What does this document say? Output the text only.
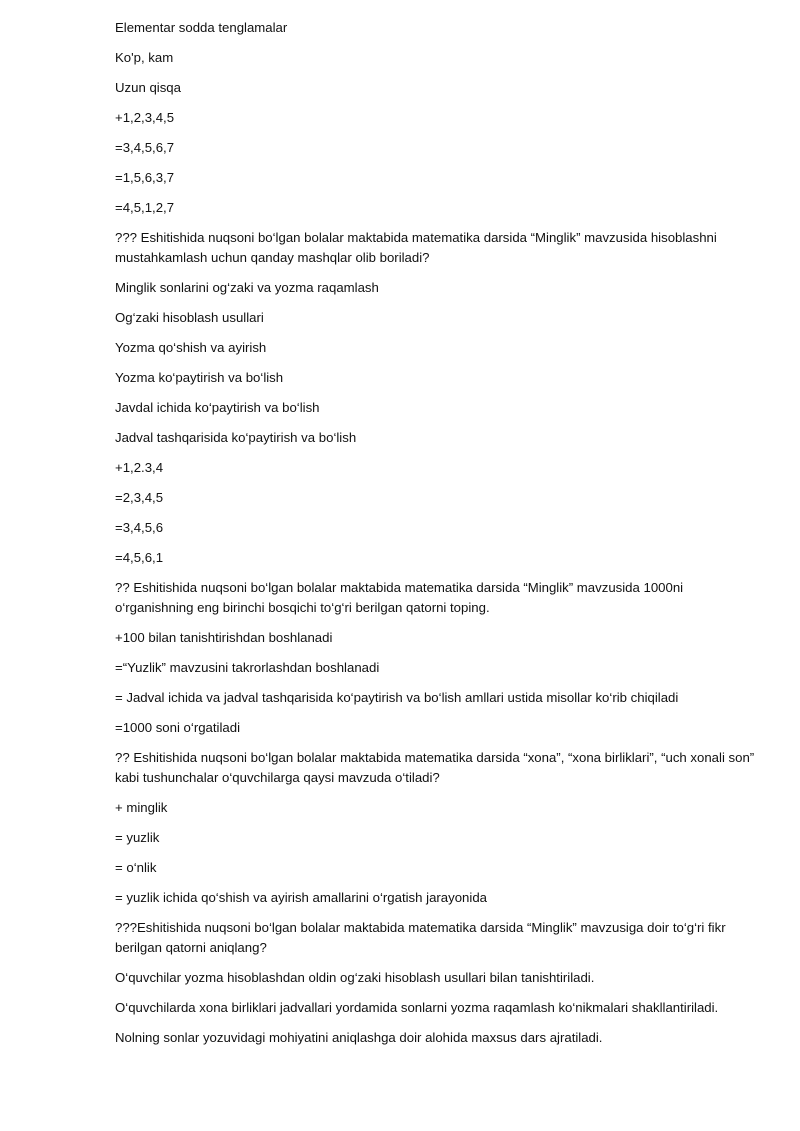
Elementar sodda tenglamalar

Ko'p, kam

Uzun qisqa

+1,2,3,4,5

=3,4,5,6,7

=1,5,6,3,7

=4,5,1,2,7

??? Eshitishida nuqsoni bo‘lgan bolalar maktabida matematika darsida “Minglik” mavzusida hisoblashni mustahkamlash uchun qanday mashqlar olib boriladi?

Minglik sonlarini og‘zaki va yozma raqamlash

Og‘zaki hisoblash usullari

Yozma qo‘shish va ayirish

Yozma ko‘paytirish va bo‘lish

Javdal ichida ko‘paytirish va bo‘lish

Jadval tashqarisida ko‘paytirish va bo‘lish

+1,2.3,4

=2,3,4,5

=3,4,5,6

=4,5,6,1

?? Eshitishida nuqsoni bo‘lgan bolalar maktabida matematika darsida “Minglik” mavzusida 1000ni o‘rganishning eng birinchi bosqichi to‘g‘ri berilgan qatorni toping.

+100 bilan tanishtirishdan boshlanadi

=“Yuzlik” mavzusini takrorlashdan boshlanadi

= Jadval ichida va jadval tashqarisida ko‘paytirish va bo‘lish amllari ustida misollar ko‘rib chiqiladi

=1000 soni o‘rgatiladi

?? Eshitishida nuqsoni bo‘lgan bolalar maktabida matematika darsida “xona”, “xona birliklari”, “uch xonali son” kabi tushunchalar o‘quvchilarga qaysi mavzuda o‘tiladi?

+ minglik

= yuzlik

= o‘nlik

= yuzlik ichida qo‘shish va ayirish amallarini o‘rgatish jarayonida

???Eshitishida nuqsoni bo‘lgan bolalar maktabida matematika darsida “Minglik” mavzusiga doir to‘g‘ri fikr berilgan qatorni aniqlang?

O‘quvchilar yozma hisoblashdan oldin og‘zaki hisoblash usullari bilan tanishtiriladi.

O‘quvchilarda xona birliklari jadvallari yordamida sonlarni yozma raqamlash ko‘nikmalari shakllantiriladi.

Nolning sonlar yozuvidagi mohiyatini aniqlashga doir alohida maxsus dars ajratiladi.
